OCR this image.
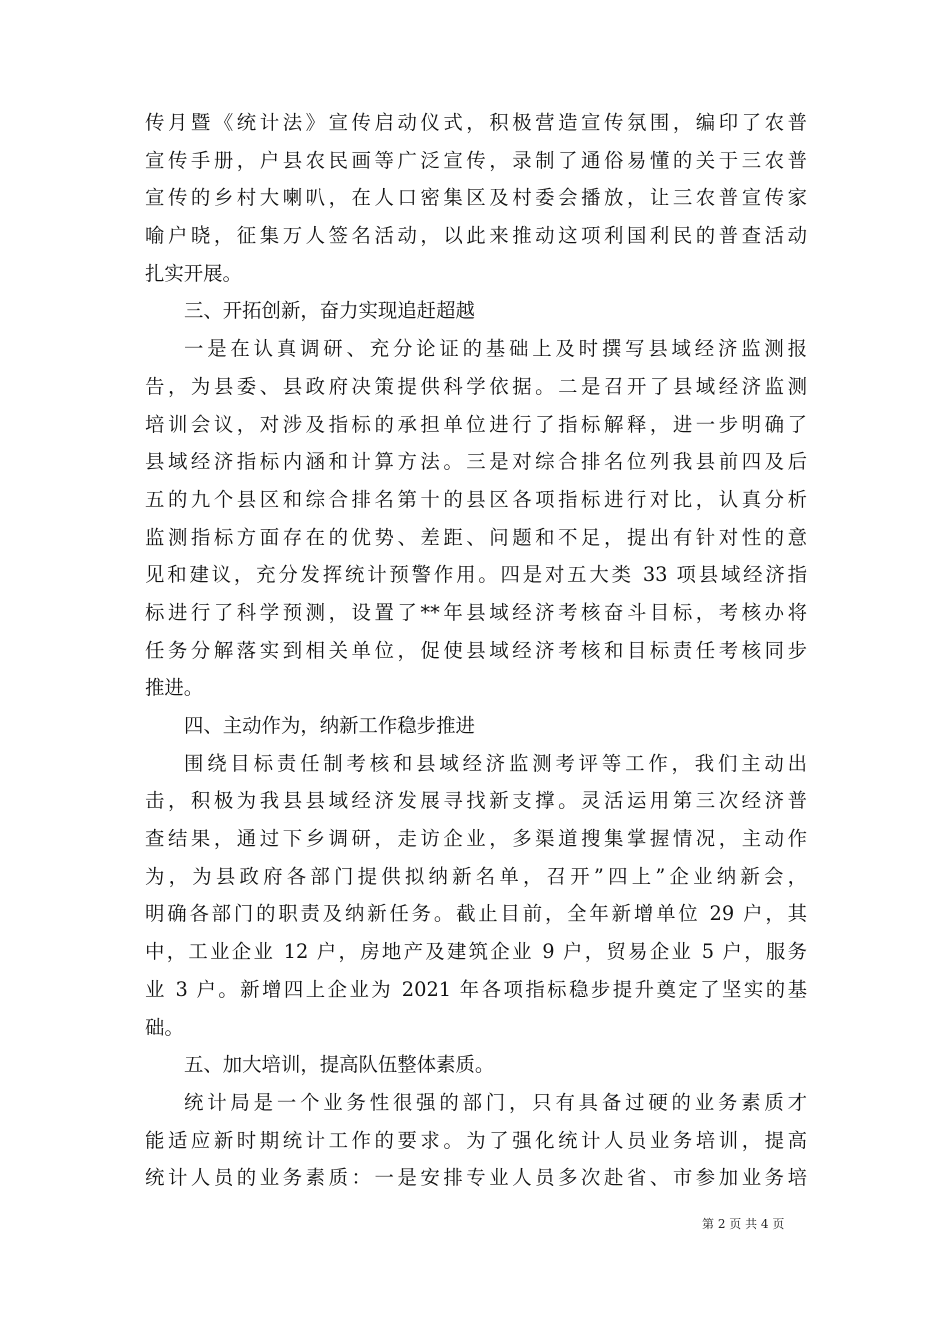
传月暨《统计法》宣传启动仪式，积极营造宣传氛围，编印了农普
宣传手册，户县农民画等广泛宣传，录制了通俗易懂的关于三农普
宣传的乡村大喇叭，在人口密集区及村委会播放，让三农普宣传家
喻户晓，征集万人签名活动，以此来推动这项利国利民的普查活动
扎实开展。
三、开拓创新，奋力实现追赶超越
一是在认真调研、充分论证的基础上及时撰写县域经济监测报
告，为县委、县政府决策提供科学依据。二是召开了县域经济监测
培训会议，对涉及指标的承担单位进行了指标解释，进一步明确了
县域经济指标内涵和计算方法。三是对综合排名位列我县前四及后
五的九个县区和综合排名第十的县区各项指标进行对比，认真分析
监测指标方面存在的优势、差距、问题和不足，提出有针对性的意
见和建议，充分发挥统计预警作用。四是对五大类 33 项县域经济指
标进行了科学预测，设置了**年县域经济考核奋斗目标，考核办将
任务分解落实到相关单位，促使县域经济考核和目标责任考核同步
推进。
四、主动作为，纳新工作稳步推进
围绕目标责任制考核和县域经济监测考评等工作，我们主动出
击，积极为我县县域经济发展寻找新支撑。灵活运用第三次经济普
查结果，通过下乡调研，走访企业，多渠道搜集掌握情况，主动作
为，为县政府各部门提供拟纳新名单，召开”四上”企业纳新会，
明确各部门的职责及纳新任务。截止目前，全年新增单位 29 户，其
中，工业企业 12 户，房地产及建筑企业 9 户，贸易企业 5 户，服务
业 3 户。新增四上企业为 2021 年各项指标稳步提升奠定了坚实的基
础。
五、加大培训，提高队伍整体素质。
统计局是一个业务性很强的部门，只有具备过硬的业务素质才
能适应新时期统计工作的要求。为了强化统计人员业务培训，提高
统计人员的业务素质：一是安排专业人员多次赴省、市参加业务培
第 2 页 共 4 页
